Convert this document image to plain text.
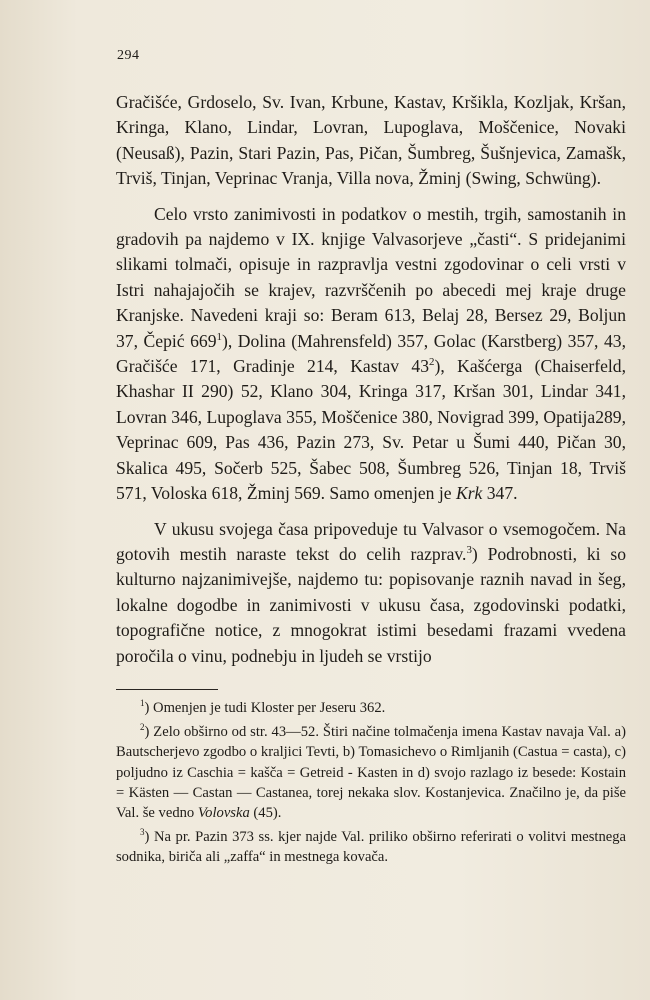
294

Gračišće, Grdoselo, Sv. Ivan, Krbune, Kastav, Kršikla, Kozljak, Kršan, Kringa, Klano, Lindar, Lovran, Lupoglava, Moščenice, Novaki (Neusaß), Pazin, Stari Pazin, Pas, Pičan, Šumbreg, Šušnjevica, Zamašk, Trviš, Tinjan, Veprinac Vranja, Villa nova, Žminj (Swing, Schwüng).

Celo vrsto zanimivosti in podatkov o mestih, trgih, samostanih in gradovih pa najdemo v IX. knjige Valvasorjeve „časti“. S pridejanimi slikami tolmači, opisuje in razpravlja vestni zgodovinar o celi vrsti v Istri nahajajočih se krajev, razvrščenih po abecedi mej kraje druge Kranjske. Navedeni kraji so: Beram 613, Belaj 28, Bersez 29, Boljun 37, Čepić $669^1$), Dolina (Mahrensfeld) 357, Golac (Karstberg) 357, 43, Gračišće 171, Gradinje 214, Kastav $43^2$), Kašćerga (Chaiserfeld, Khashar II 290) 52, Klano 304, Kringa 317, Kršan 301, Lindar 341, Lovran 346, Lupoglava 355, Moščenice 380, Novigrad 399, Opatija289, Veprinac 609, Pas 436, Pazin 273, Sv. Petar u Šumi 440, Pičan 30, Skalica 495, Sočerb 525, Šabec 508, Šumbreg 526, Tinjan 18, Trviš 571, Voloska 618, Žminj 569. Samo omenjen je Krk 347.

V ukusu svojega časa pripoveduje tu Valvasor o vsemogočem. Na gotovih mestih naraste tekst do celih razprav.$^3$) Podrobnosti, ki so kulturno najzanimivejše, najdemo tu: popisovanje raznih navad in šeg, lokalne dogodbe in zanimivosti v ukusu časa, zgodovinski podatki, topografične notice, z mnogokrat istimi besedami frazami vvedena poročila o vinu, podnebju in ljudeh se vrstijo

$^1$) Omenjen je tudi Kloster per Jeseru 362.

$^2$) Zelo obširno od str. 43—52. Štiri načine tolmačenja imena Kastav navaja Val. a) Bautscherjevo zgodbo o kraljici Tevti, b) Tomasichevo o Rimljanih (Castua = casta), c) poljudno iz Caschia = kašča = Getreid - Kasten in d) svojo razlago iz besede: Kostain = Kästen — Castan — Castanea, torej nekaka slov. Kostanjevica. Značilno je, da piše Val. še vedno Volovska (45).

$^3$) Na pr. Pazin 373 ss. kjer najde Val. priliko obširno referirati o volitvi mestnega sodnika, biriča ali „zaffa“ in mestnega kovača.
